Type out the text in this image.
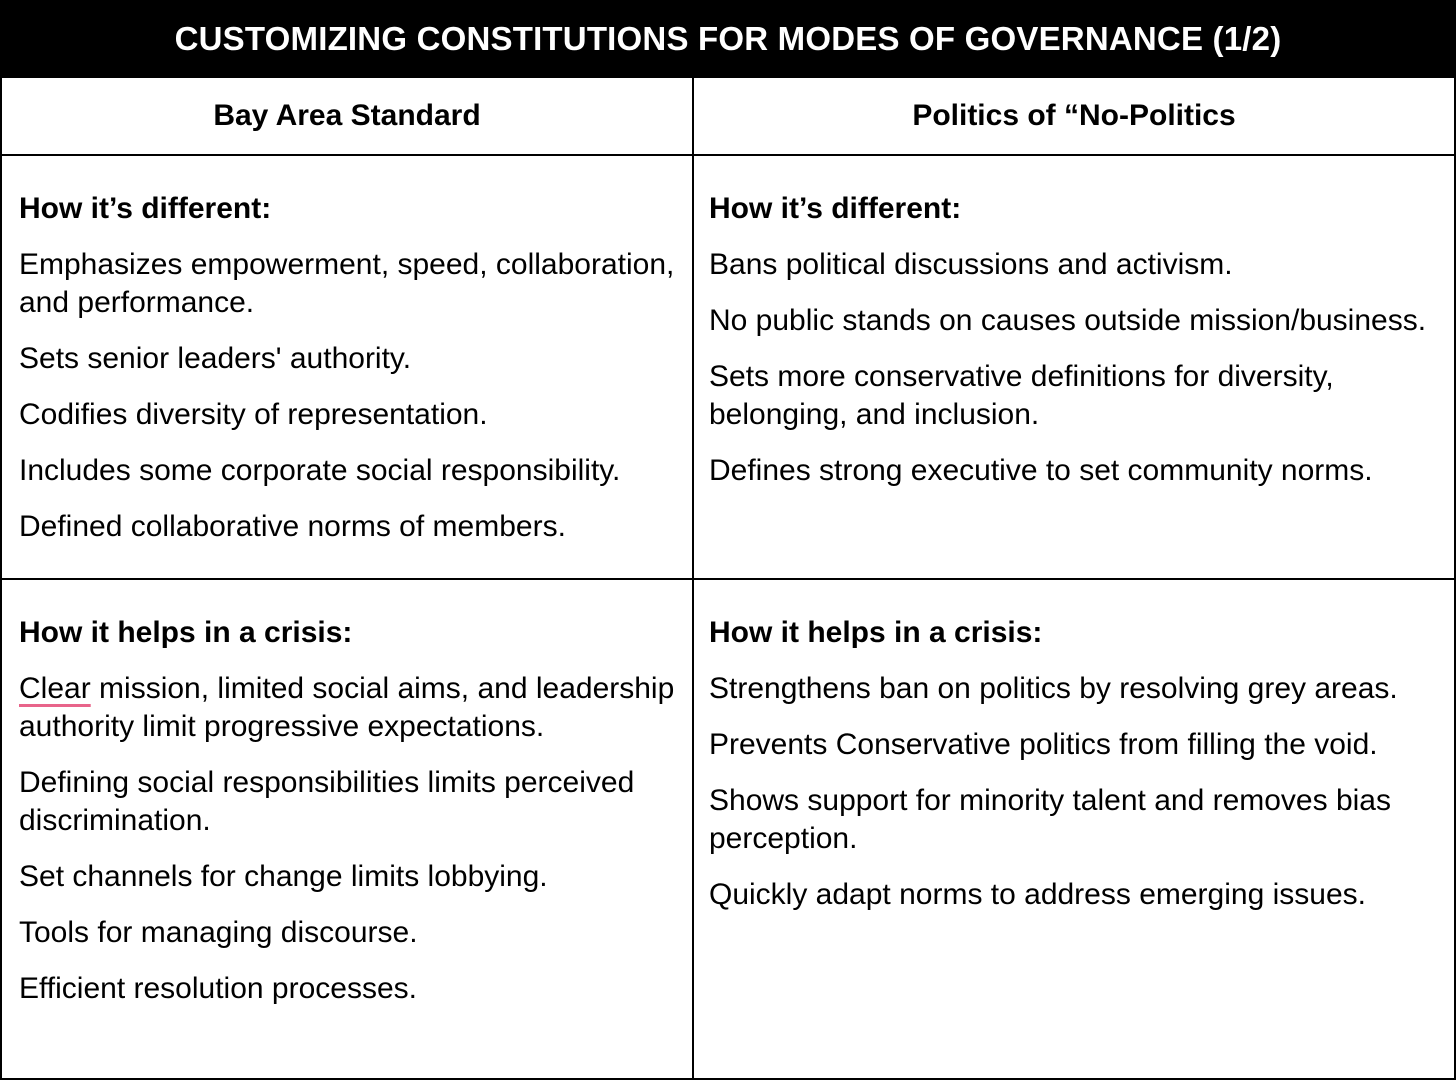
CUSTOMIZING CONSTITUTIONS FOR MODES OF GOVERNANCE (1/2)
Bay Area Standard	Politics of “No-Politics
How it’s different:
Emphasizes empowerment, speed, collaboration, and performance.
Sets senior leaders' authority.
Codifies diversity of representation.
Includes some corporate social responsibility.
Defined collaborative norms of members.
How it’s different:
Bans political discussions and activism.
No public stands on causes outside mission/business.
Sets more conservative definitions for diversity, belonging, and inclusion.
Defines strong executive to set community norms.
How it helps in a crisis:
Clear mission, limited social aims, and leadership authority limit progressive expectations.
Defining social responsibilities limits perceived discrimination.
Set channels for change limits lobbying.
Tools for managing discourse.
Efficient resolution processes.
How it helps in a crisis:
Strengthens ban on politics by resolving grey areas.
Prevents Conservative politics from filling the void.
Shows support for minority talent and removes bias perception.
Quickly adapt norms to address emerging issues.
